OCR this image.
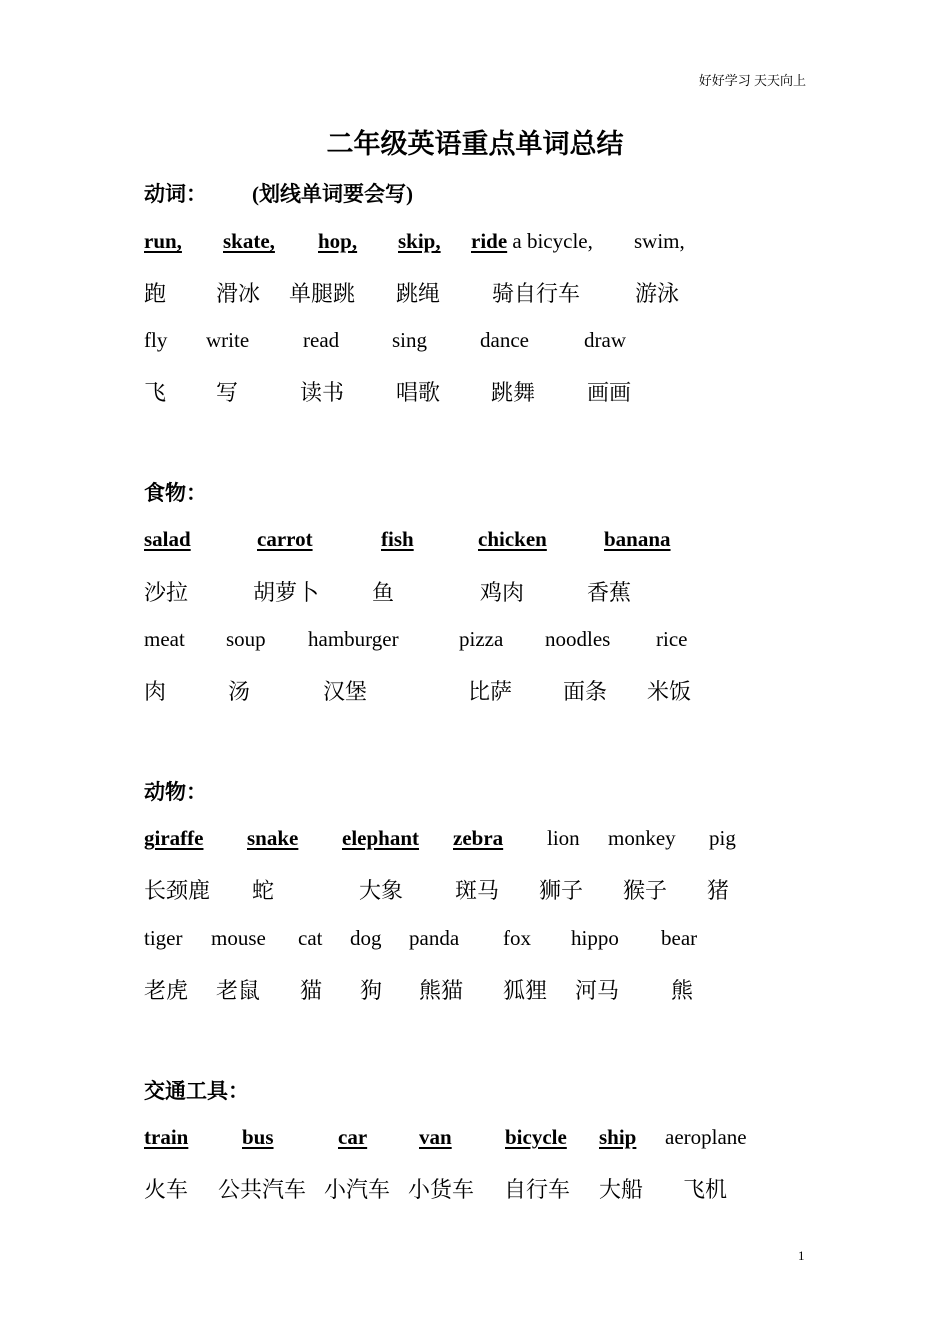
好好学习 天天向上
二年级英语重点单词总结
动词： (划线单词要会写)
run, skate, hop, skip, ride a bicycle, swim,
跑 滑冰 单腿跳 跳绳 骑自行车 游泳
fly write	read	sing	dance	draw
飞 写	读书 唱歌 跳舞 画画
食物：
salad	carrot	fish	chicken	banana
沙拉	胡萝卜 鱼	鸡肉	香蕉
meat soup hamburger	pizza noodles rice
肉	汤	汉堡	比萨 面条 米饭
动物：
giraffe snake	elephant zebra	lion monkey pig
长颈鹿 蛇	大象 斑马 狮子 猴子 猪
tiger mouse cat dog panda fox hippo bear
老虎 老鼠 猫 狗 熊猫 狐狸 河马 熊
交通工具：
train	bus	car van	bicycle ship aeroplane
火车 公共汽车 小汽车 小货车 自行车 大船 飞机
1
